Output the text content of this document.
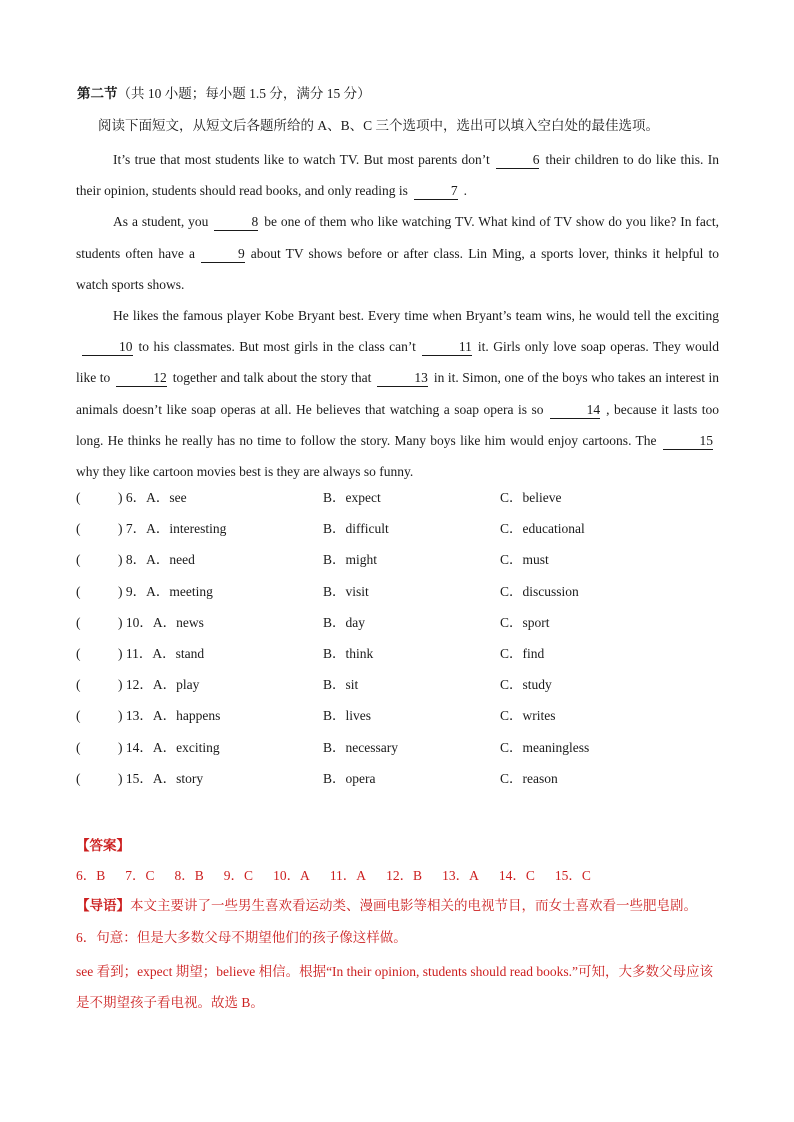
第二节（共 10 小题；每小题 1.5 分，满分 15 分）
阅读下面短文，从短文后各题所给的 A、B、C 三个选项中，选出可以填入空白处的最佳选项。

It’s true that most students like to watch TV. But most parents don’t	6 their children to do like this. In their opinion, students should read books, and only reading is	7 .

As a student, you	8 be one of them who like watching TV. What kind of TV show do you like? In fact, students often have a	9 about TV shows before or after class. Lin Ming, a sports lover, thinks it helpful to watch sports shows.

He likes the famous player Kobe Bryant best. Every time when Bryant’s team wins, he would tell the exciting10 to his classmates. But most girls in the class can’t	11 it. Girls only love soap operas. They would like to	12 together and talk about the story that	13 in it. Simon, one of the boys who takes an interest in animals doesn’t like soap operas at all. He believes that watching a soap opera is so	14 , because it lasts too long. He thinks he really has no time to follow the story. Many boys like him would enjoy cartoons. The	15why they like cartoon movies best is they are always so funny.

(	) 6．A．see	B．expect	C．believe
(	) 7．A．interesting	B．difficult	C．educational
(	) 8．A．need	B．might	C．must
(	) 9．A．meeting	B．visit	C．discussion
(	) 10．A．news	B．day	C．sport
(	) 11．A．stand	B．think	C．find
(	) 12．A．play	B．sit	C．study
(	) 13．A．happens	B．lives	C．writes
(	) 14．A．exciting	B．necessary	C．meaningless
(	) 15．A．story	B．opera	C．reason
【答案】
6．B 7．C 8．B 9．C 10．A 11．A 12．B 13．A 14．C 15．C
【导语】本文主要讲了一些男生喜欢看运动类、漫画电影等相关的电视节目，而女士喜欢看一些肥皂剧。
6．句意：但是大多数父母不期望他们的孩子像这样做。
see 看到；expect 期望；believe 相信。根据“In their opinion, students should read books.”可知，大多数父母应该是不期望孩子看电视。故选 B。
